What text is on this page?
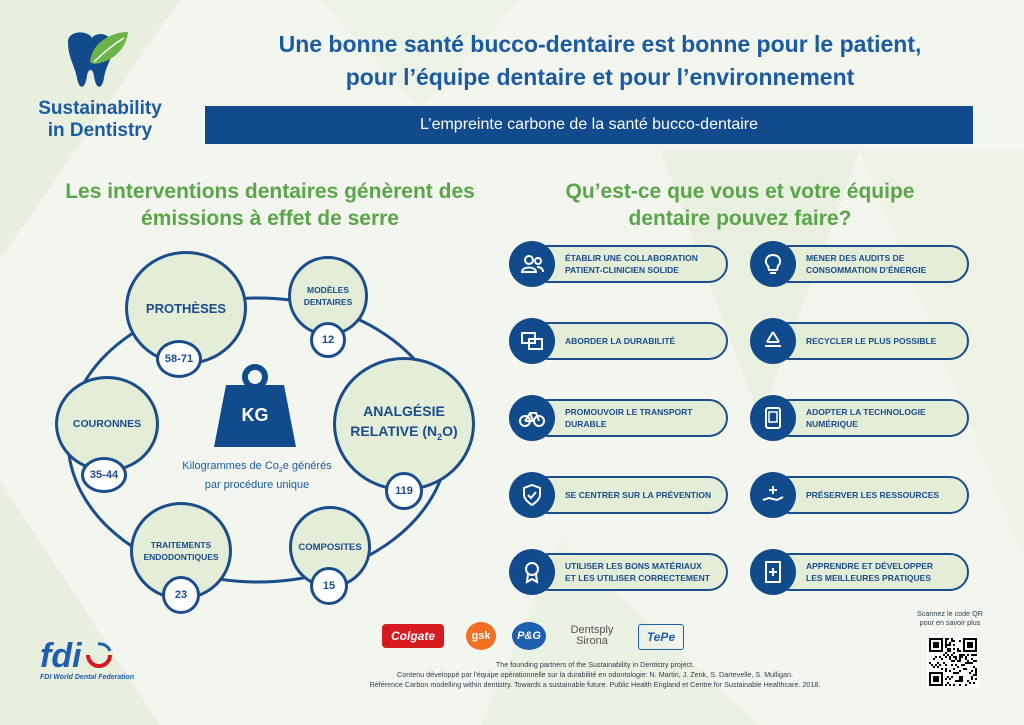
Sustainability
in Dentistry
Une bonne santé bucco-dentaire est bonne pour le patient,
pour l’équipe dentaire et pour l’environnement
L’empreinte carbone de la santé bucco-dentaire
Les interventions dentaires génèrent des
émissions à effet de serre
Qu’est-ce que vous et votre équipe
dentaire pouvez faire?
PROTHÈSES
58-71
MODÈLES
DENTAIRES
12
ANALGÉSIE
RELATIVE $(N_2O)$
119
COMPOSITES
15
TRAITEMENTS
ENDODONTIQUES
23
COURONNES
35-44
KG
Kilogrammes de $Co_2e$ générés
par procédure unique
ÉTABLIR UNE COLLABORATION
PATIENT-CLINICIEN SOLIDE
MENER DES AUDITS DE
CONSOMMATION D’ÉNERGIE
ABORDER LA DURABILITÉ	RECYCLER LE PLUS POSSIBLE
PROMOUVOIR LE TRANSPORT
DURABLE
ADOPTER LA TECHNOLOGIE
NUMÉRIQUE
SE CENTRER SUR LA PRÉVENTION	PRÉSERVER LES RESSOURCES
UTILISER LES BONS MATÉRIAUX
ET LES UTILISER CORRECTEMENT
APPRENDRE ET DÉVELOPPER
LES MEILLEURES PRATIQUES
Colgate	gsk P&G	Dentsply
Sirona	TePe
fdi
FDI World Dental Federation
The founding partners of the Sustainability in Dentistry project.
Contenu développé par l’équipe opérationnelle sur la durabilité en odontologie: N. Martin, J. Zenk, S. Dartevelle, S. Mulligan.
Référence Carbon modelling within dentistry. Towards a sustainable future. Public Health England et Centre for Sustainable Healthcare. 2018.
Scannez le code QR
pour en savoir plus
